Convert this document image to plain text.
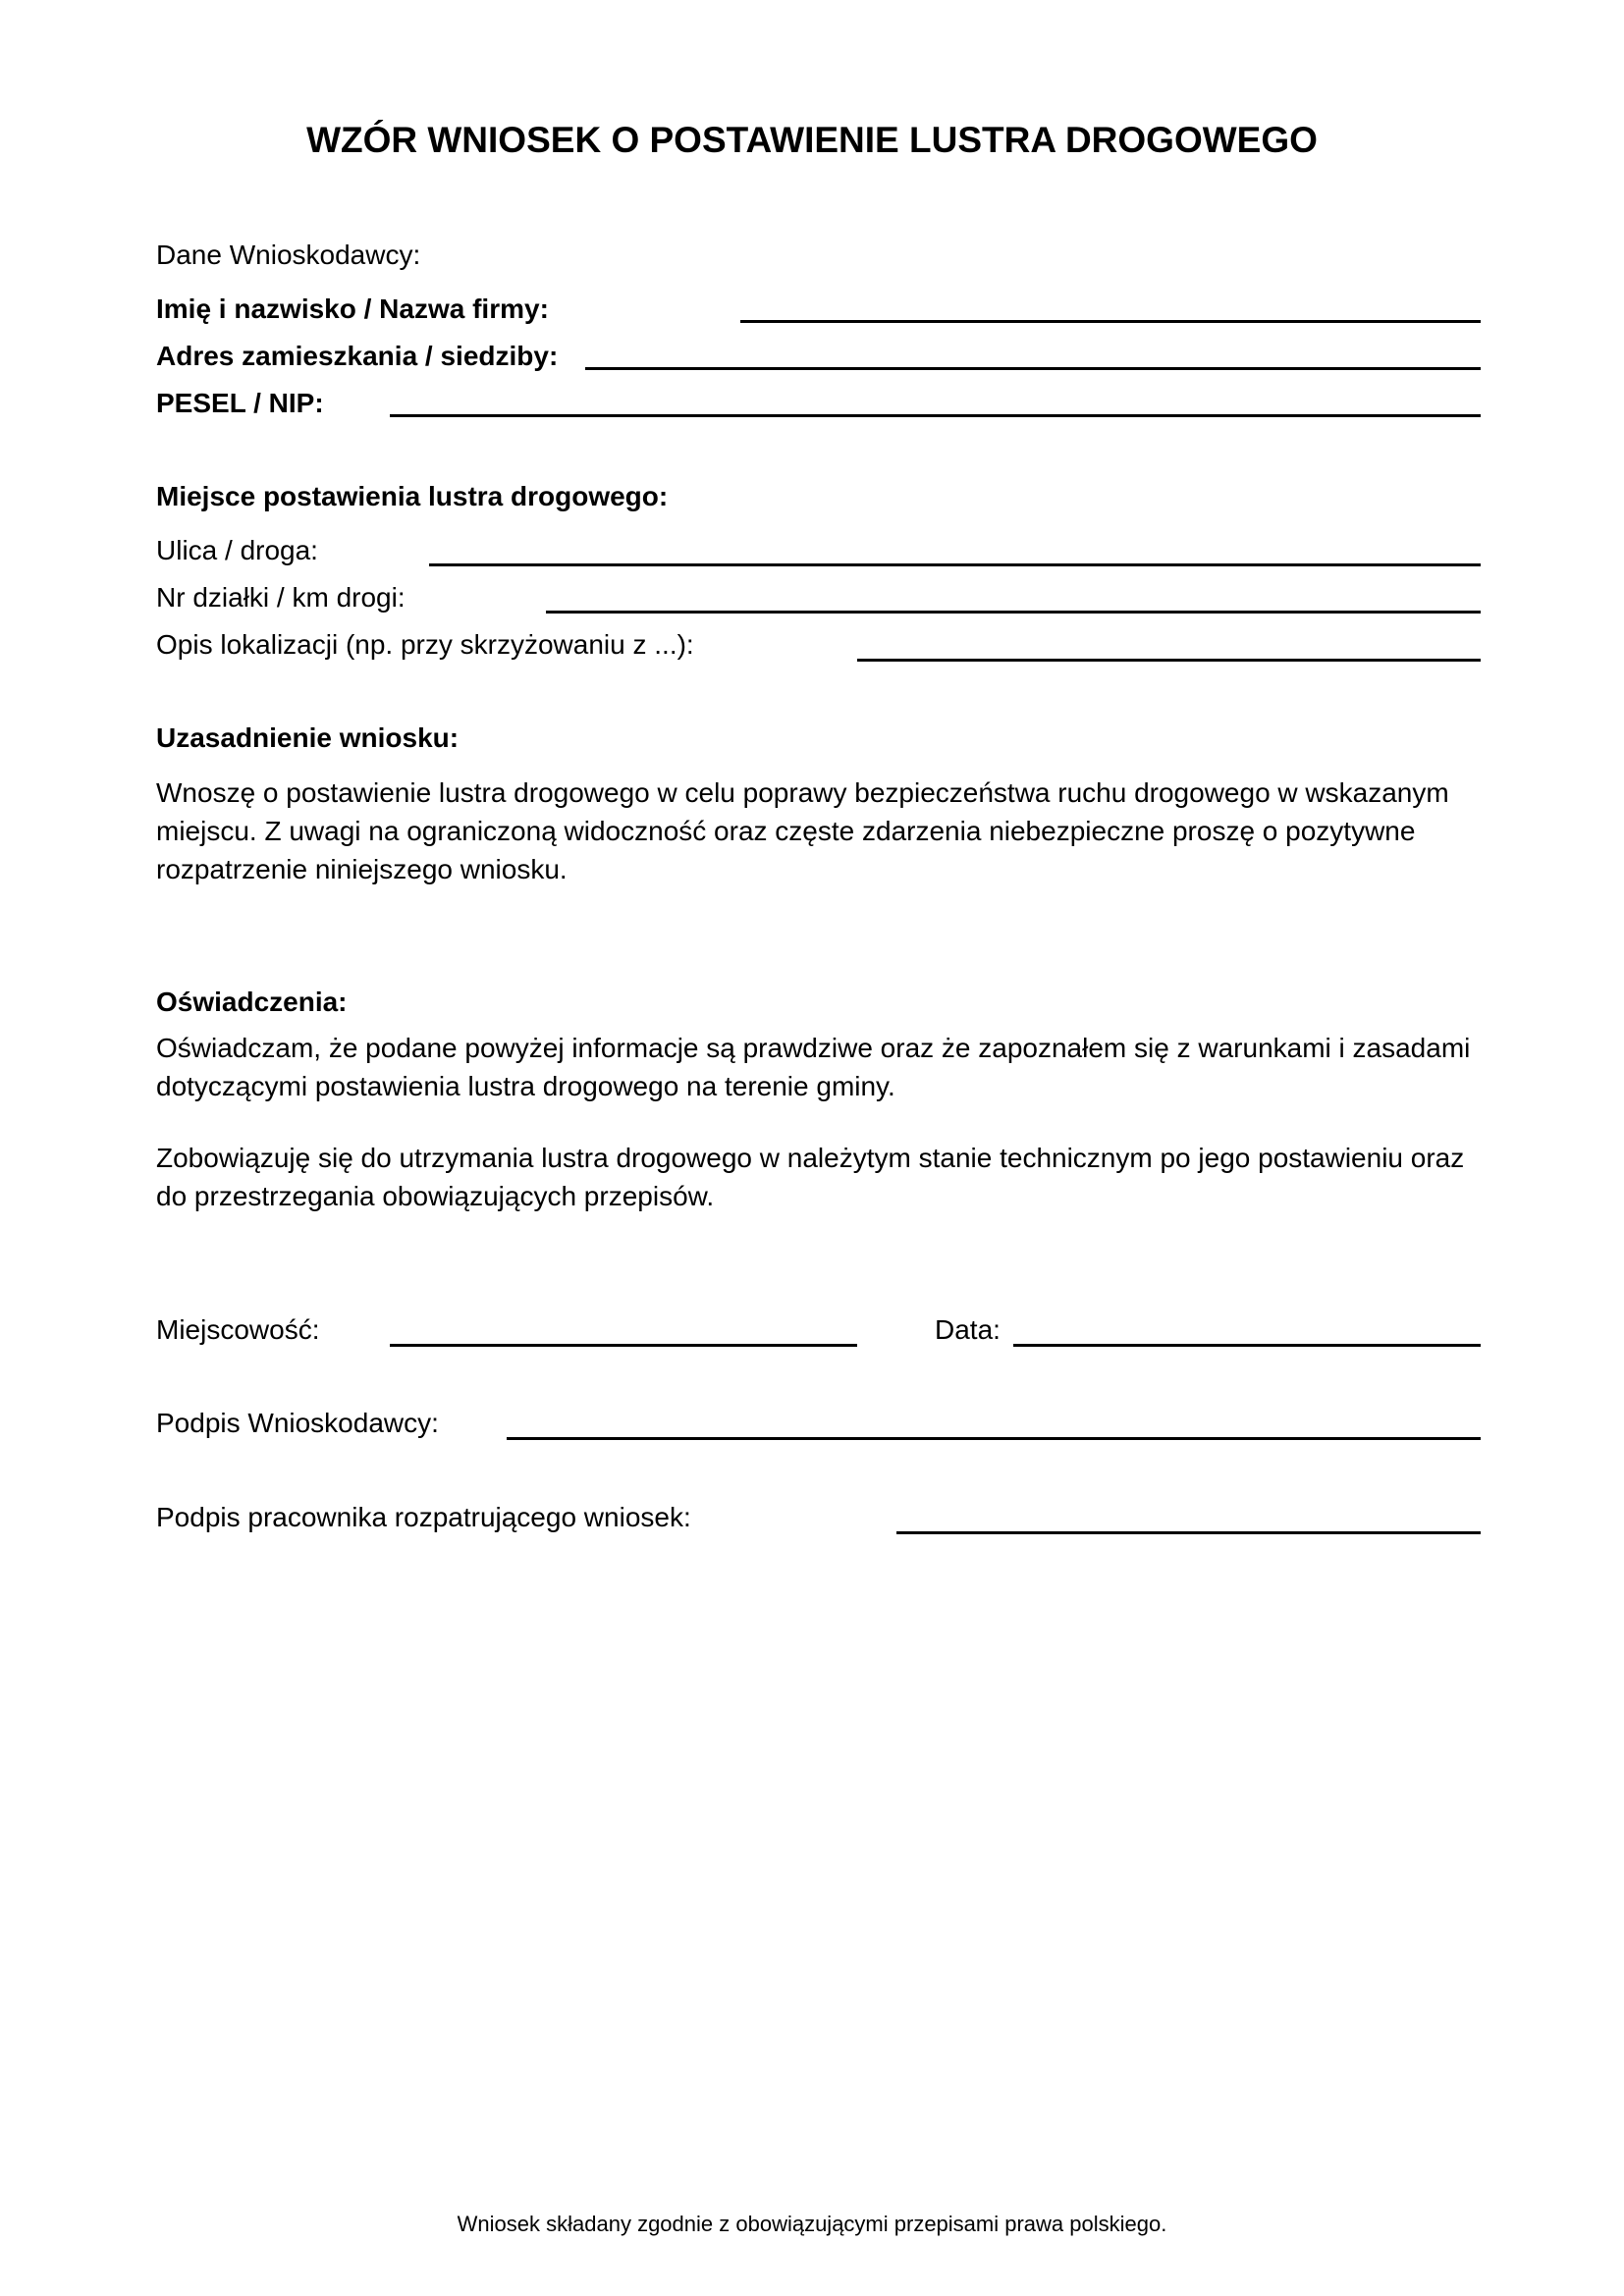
WZÓR WNIOSEK O POSTAWIENIE LUSTRA DROGOWEGO
Dane Wnioskodawcy:
Imię i nazwisko / Nazwa firmy:
Adres zamieszkania / siedziby:
PESEL / NIP:
Miejsce postawienia lustra drogowego:
Ulica / droga:
Nr działki / km drogi:
Opis lokalizacji (np. przy skrzyżowaniu z ...):
Uzasadnienie wniosku:

Wnoszę o postawienie lustra drogowego w celu poprawy bezpieczeństwa ruchu drogowego w wskazanym miejscu. Z uwagi na ograniczoną widoczność oraz częste zdarzenia niebezpieczne proszę o pozytywne rozpatrzenie niniejszego wniosku.

Oświadczenia:

Oświadczam, że podane powyżej informacje są prawdziwe oraz że zapoznałem się z warunkami i zasadami dotyczącymi postawienia lustra drogowego na terenie gminy.

Zobowiązuję się do utrzymania lustra drogowego w należytym stanie technicznym po jego postawieniu oraz do przestrzegania obowiązujących przepisów.

Miejscowość:	Data:
Podpis Wnioskodawcy:
Podpis pracownika rozpatrującego wniosek:

Wniosek składany zgodnie z obowiązującymi przepisami prawa polskiego.
